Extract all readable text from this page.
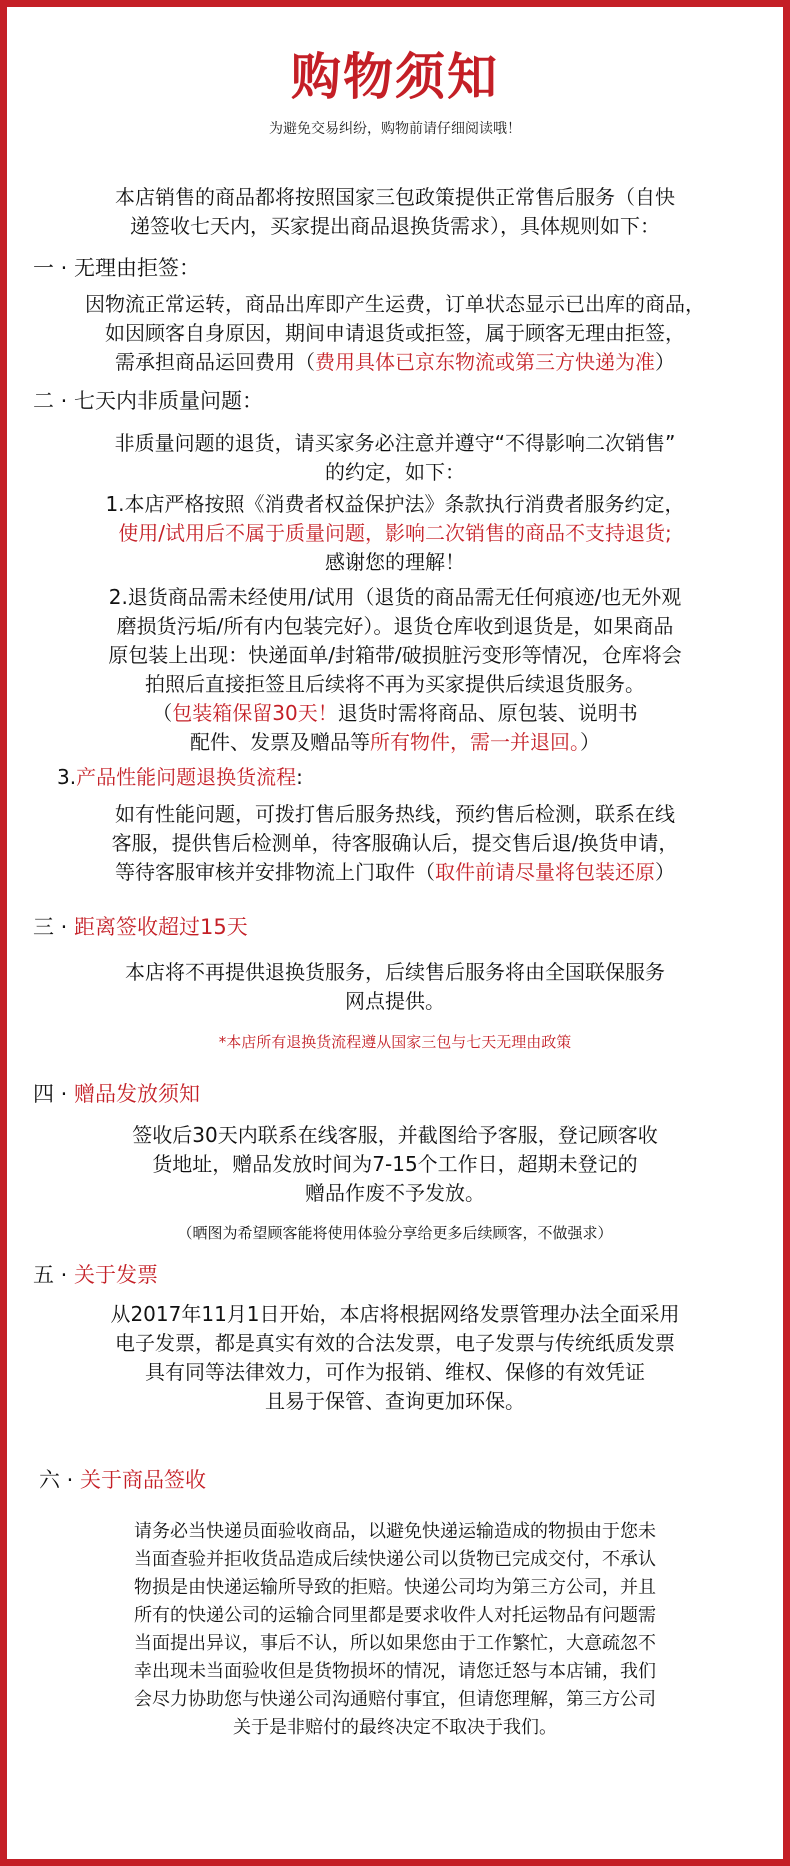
购物须知
为避免交易纠纷，购物前请仔细阅读哦！
本店销售的商品都将按照国家三包政策提供正常售后服务（自快
递签收七天内，买家提出商品退换货需求），具体规则如下：
一 · 无理由拒签：
因物流正常运转，商品出库即产生运费，订单状态显示已出库的商品，
如因顾客自身原因，期间申请退货或拒签，属于顾客无理由拒签，
需承担商品运回费用（费用具体已京东物流或第三方快递为准）
二 · 七天内非质量问题：
非质量问题的退货，请买家务必注意并遵守“不得影响二次销售”
的约定，如下：
1.本店严格按照《消费者权益保护法》条款执行消费者服务约定，
使用/试用后不属于质量问题，影响二次销售的商品不支持退货;
感谢您的理解！
2.退货商品需未经使用/试用（退货的商品需无任何痕迹/也无外观
磨损货污垢/所有内包装完好）。退货仓库收到退货是，如果商品
原包装上出现：快递面单/封箱带/破损脏污变形等情况，仓库将会
拍照后直接拒签且后续将不再为买家提供后续退货服务。
（包装箱保留30天！退货时需将商品、原包装、说明书
配件、发票及赠品等所有物件，需一并退回。）
3.产品性能问题退换货流程:
如有性能问题，可拨打售后服务热线，预约售后检测，联系在线
客服，提供售后检测单，待客服确认后，提交售后退/换货申请，
等待客服审核并安排物流上门取件（取件前请尽量将包装还原）
三 · 距离签收超过15天
本店将不再提供退换货服务，后续售后服务将由全国联保服务
网点提供。
*本店所有退换货流程遵从国家三包与七天无理由政策
四 · 赠品发放须知
签收后30天内联系在线客服，并截图给予客服，登记顾客收
货地址，赠品发放时间为7-15个工作日，超期未登记的
赠品作废不予发放。
（晒图为希望顾客能将使用体验分享给更多后续顾客，不做强求）
五 · 关于发票
从2017年11月1日开始，本店将根据网络发票管理办法全面采用
电子发票，都是真实有效的合法发票，电子发票与传统纸质发票
具有同等法律效力，可作为报销、维权、保修的有效凭证
且易于保管、查询更加环保。
六 · 关于商品签收
请务必当快递员面验收商品，以避免快递运输造成的物损由于您未
当面查验并拒收货品造成后续快递公司以货物已完成交付，不承认
物损是由快递运输所导致的拒赔。快递公司均为第三方公司，并且
所有的快递公司的运输合同里都是要求收件人对托运物品有问题需
当面提出异议，事后不认，所以如果您由于工作繁忙，大意疏忽不
幸出现未当面验收但是货物损坏的情况，请您迁怒与本店铺，我们
会尽力协助您与快递公司沟通赔付事宜，但请您理解，第三方公司
关于是非赔付的最终决定不取决于我们。
